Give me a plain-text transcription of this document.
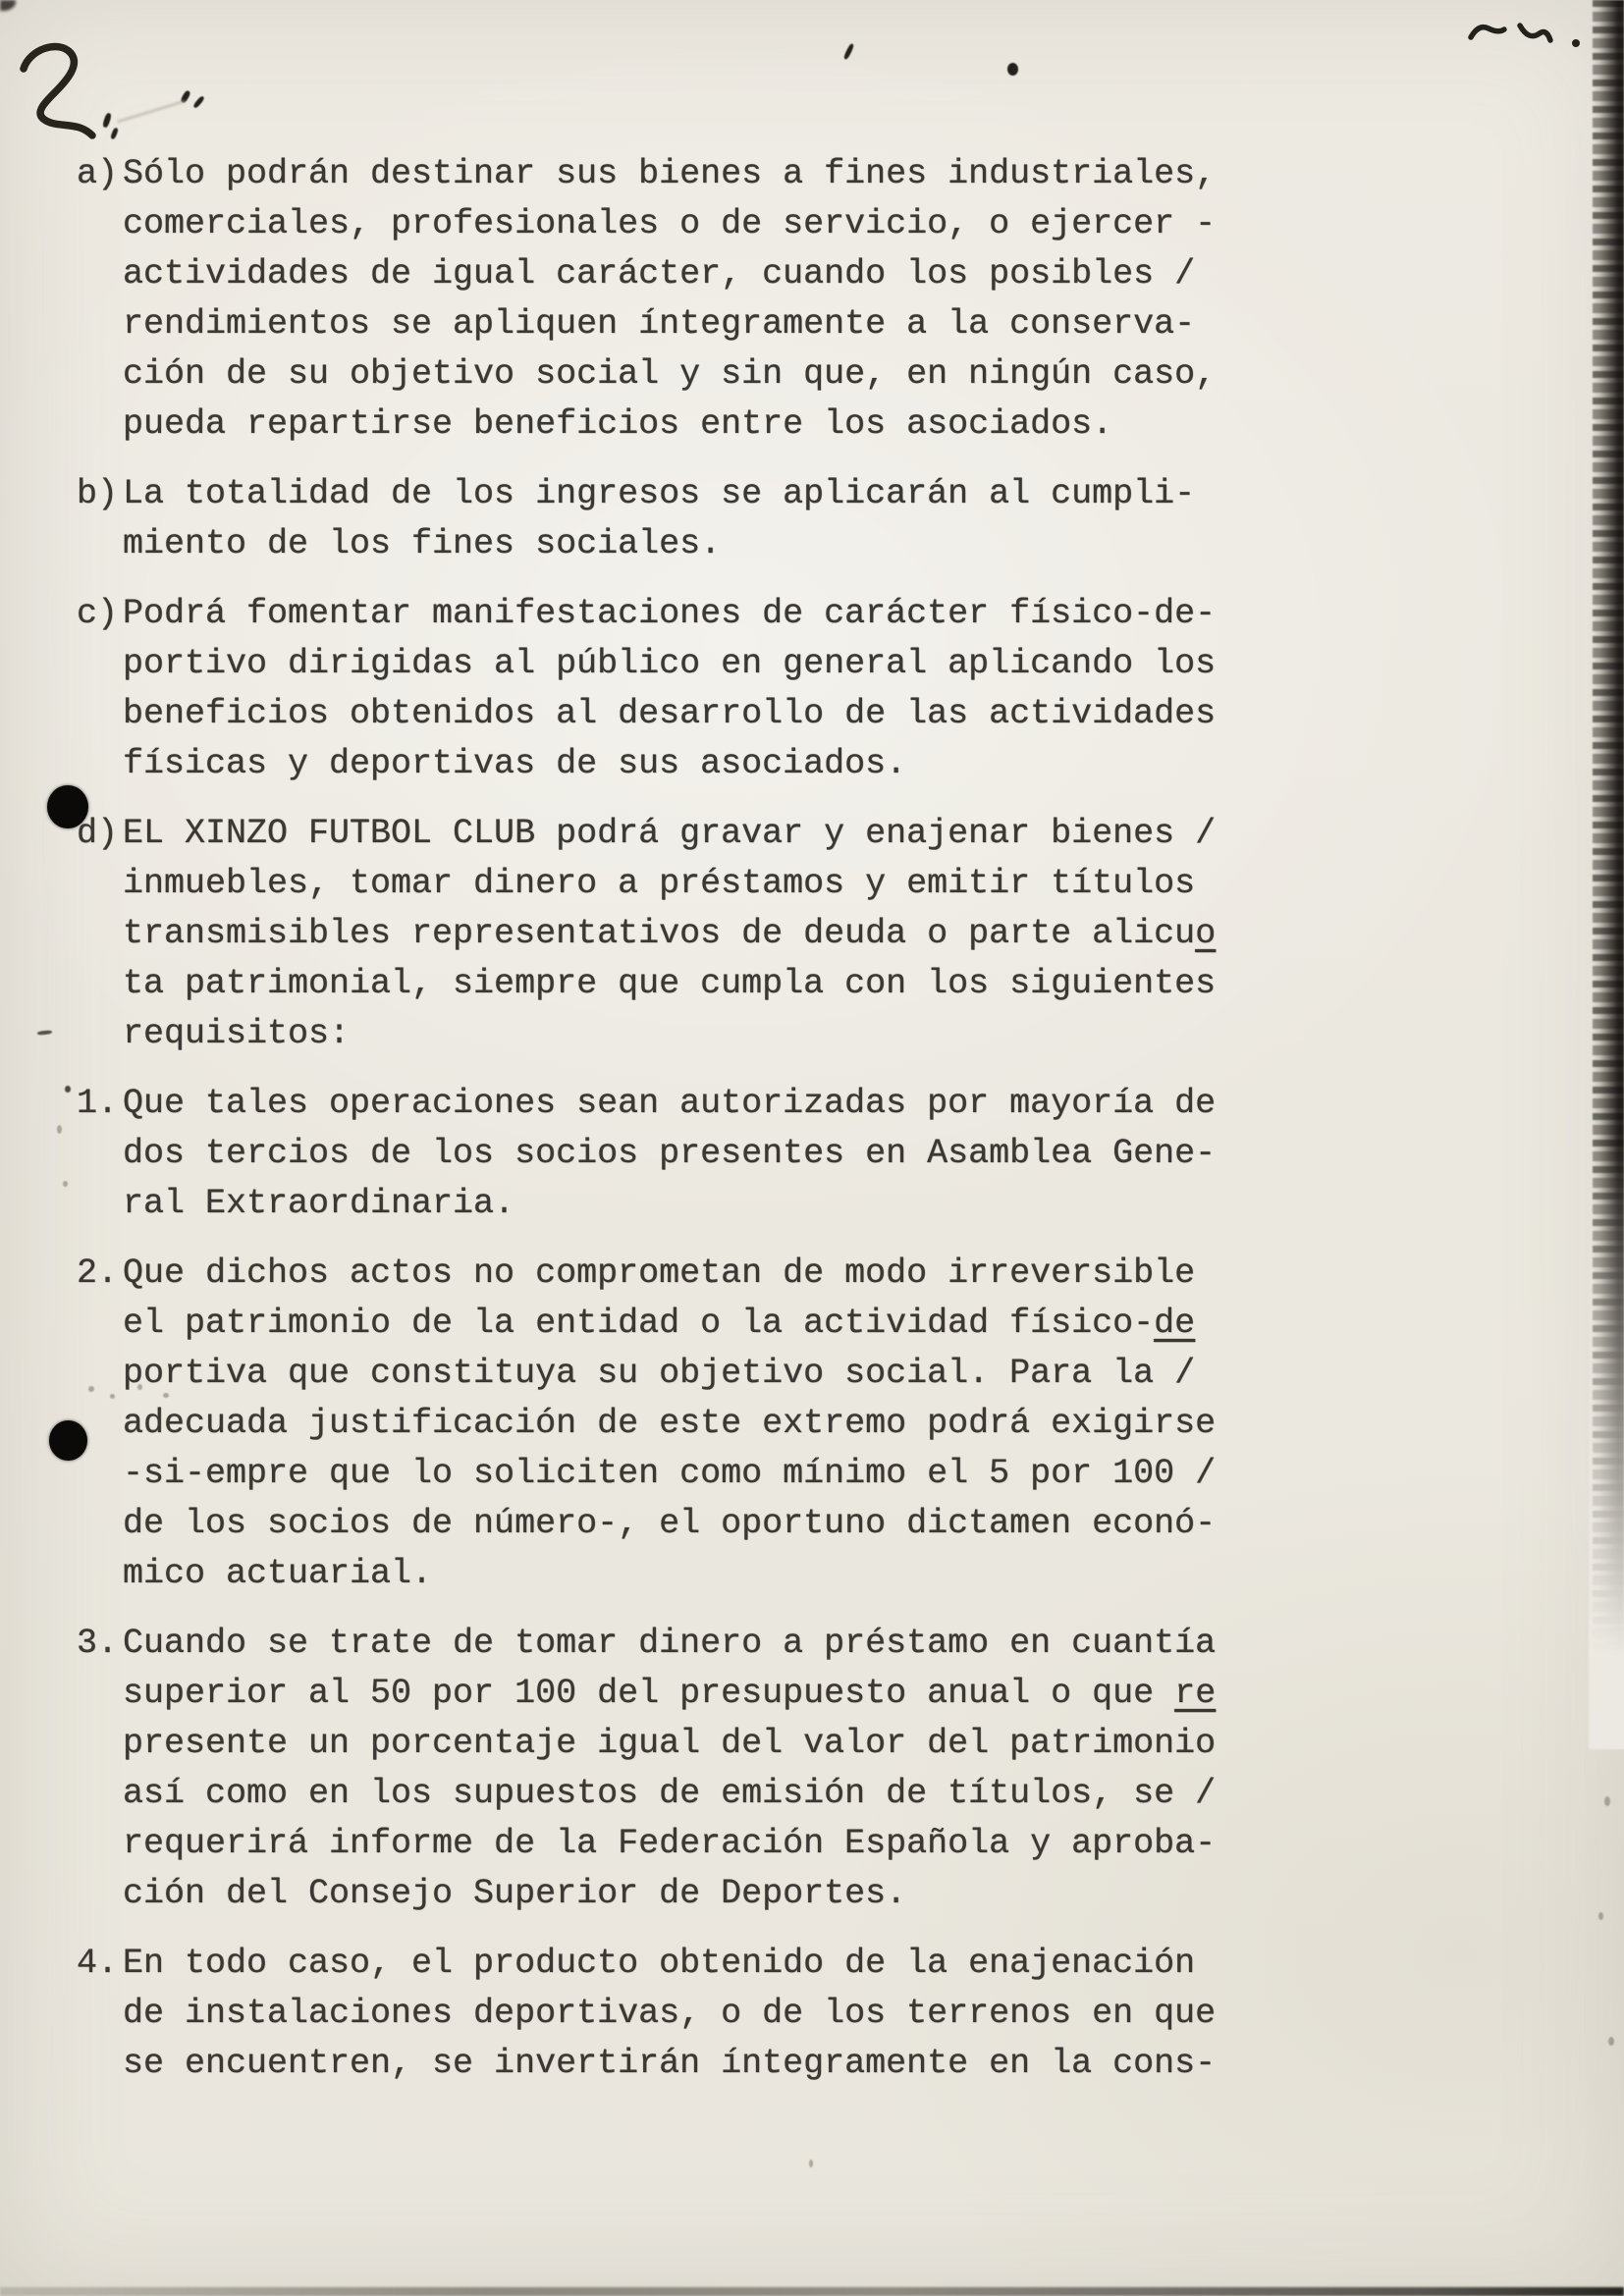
a) Sólo podrán destinar sus bienes a fines industriales,
comerciales, profesionales o de servicio, o ejercer -
actividades de igual carácter, cuando los posibles /
rendimientos se apliquen íntegramente a la conserva-
ción de su objetivo social y sin que, en ningún caso,
pueda repartirse beneficios entre los asociados.
b) La totalidad de los ingresos se aplicarán al cumpli-
miento de los fines sociales.
c) Podrá fomentar manifestaciones de carácter físico-de-
portivo dirigidas al público en general aplicando los
beneficios obtenidos al desarrollo de las actividades
físicas y deportivas de sus asociados.
d) EL XINZO FUTBOL CLUB podrá gravar y enajenar bienes /
inmuebles, tomar dinero a préstamos y emitir títulos
transmisibles representativos de deuda o parte alicuo
ta patrimonial, siempre que cumpla con los siguientes
requisitos:
1. Que tales operaciones sean autorizadas por mayoría de
dos tercios de los socios presentes en Asamblea Gene-
ral Extraordinaria.
2. Que dichos actos no comprometan de modo irreversible
el patrimonio de la entidad o la actividad físico-de
portiva que constituya su objetivo social. Para la /
adecuada justificación de este extremo podrá exigirse
-si-empre que lo soliciten como mínimo el 5 por 100 /
de los socios de número-, el oportuno dictamen econó-
mico actuarial.
3. Cuando se trate de tomar dinero a préstamo en cuantía
superior al 50 por 100 del presupuesto anual o que re
presente un porcentaje igual del valor del patrimonio
así como en los supuestos de emisión de títulos, se /
requerirá informe de la Federación Española y aproba-
ción del Consejo Superior de Deportes.
4. En todo caso, el producto obtenido de la enajenación
de instalaciones deportivas, o de los terrenos en que
se encuentren, se invertirán íntegramente en la cons-
